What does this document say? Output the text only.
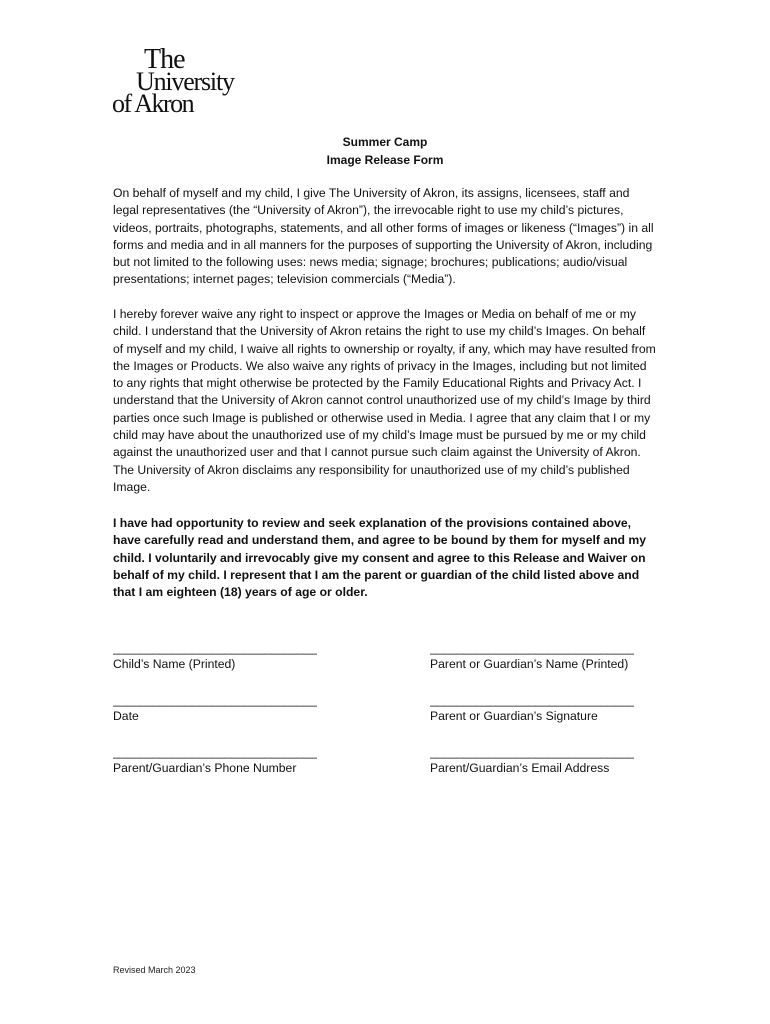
The
University
of Akron
Summer Camp
Image Release Form
On behalf of myself and my child, I give The University of Akron, its assigns, licensees, staff and legal representatives (the “University of Akron”), the irrevocable right to use my child’s pictures, videos, portraits, photographs, statements, and all other forms of images or likeness (“Images”) in all forms and media and in all manners for the purposes of supporting the University of Akron, including but not limited to the following uses: news media; signage; brochures; publications; audio/visual presentations; internet pages; television commercials (“Media”).
I hereby forever waive any right to inspect or approve the Images or Media on behalf of me or my child. I understand that the University of Akron retains the right to use my child’s Images. On behalf of myself and my child, I waive all rights to ownership or royalty, if any, which may have resulted from the Images or Products. We also waive any rights of privacy in the Images, including but not limited to any rights that might otherwise be protected by the Family Educational Rights and Privacy Act. I understand that the University of Akron cannot control unauthorized use of my child’s Image by third parties once such Image is published or otherwise used in Media. I agree that any claim that I or my child may have about the unauthorized use of my child’s Image must be pursued by me or my child against the unauthorized user and that I cannot pursue such claim against the University of Akron. The University of Akron disclaims any responsibility for unauthorized use of my child’s published Image.
I have had opportunity to review and seek explanation of the provisions contained above, have carefully read and understand them, and agree to be bound by them for myself and my child. I voluntarily and irrevocably give my consent and agree to this Release and Waiver on behalf of my child. I represent that I am the parent or guardian of the child listed above and that I am eighteen (18) years of age or older.
_______________________________
Child’s Name (Printed)
_______________________________
Parent or Guardian’s Name (Printed)
_______________________________
Date
_______________________________
Parent or Guardian’s Signature
_______________________________
Parent/Guardian’s Phone Number
_______________________________
Parent/Guardian’s Email Address
Revised March 2023
